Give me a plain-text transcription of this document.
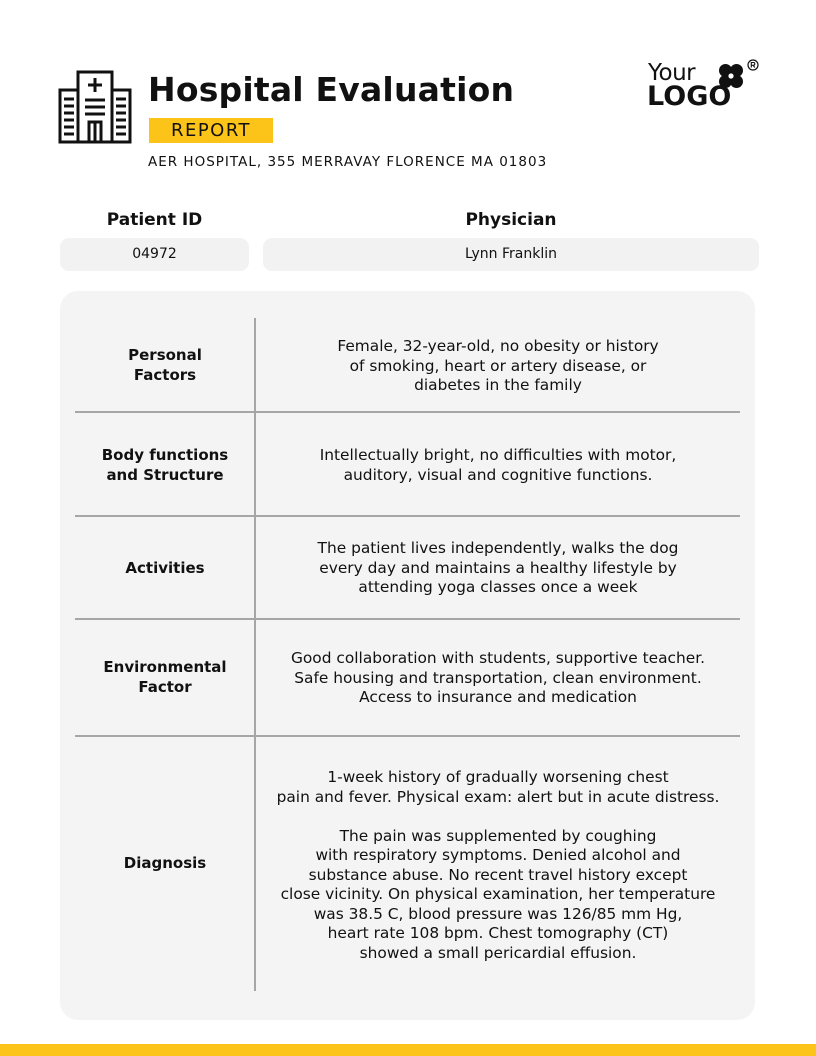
Hospital Evaluation
REPORT
AER HOSPITAL, 355 MERRAVAY FLORENCE MA 01803
Your
LOGO
Patient ID
04972
Physician
Lynn Franklin
Personal
Factors
Female, 32-year-old, no obesity or history
of smoking, heart or artery disease, or
diabetes in the family
Body functions
and Structure
Intellectually bright, no difficulties with motor,
auditory, visual and cognitive functions.
Activities
The patient lives independently, walks the dog
every day and maintains a healthy lifestyle by
attending yoga classes once a week
Environmental
Factor
Good collaboration with students, supportive teacher.
Safe housing and transportation, clean environment.
Access to insurance and medication
Diagnosis
1-week history of gradually worsening chest
pain and fever. Physical exam: alert but in acute distress.

The pain was supplemented by coughing
with respiratory symptoms. Denied alcohol and
substance abuse. No recent travel history except
close vicinity. On physical examination, her temperature
was 38.5 C, blood pressure was 126/85 mm Hg,
heart rate 108 bpm. Chest tomography (CT)
showed a small pericardial effusion.
